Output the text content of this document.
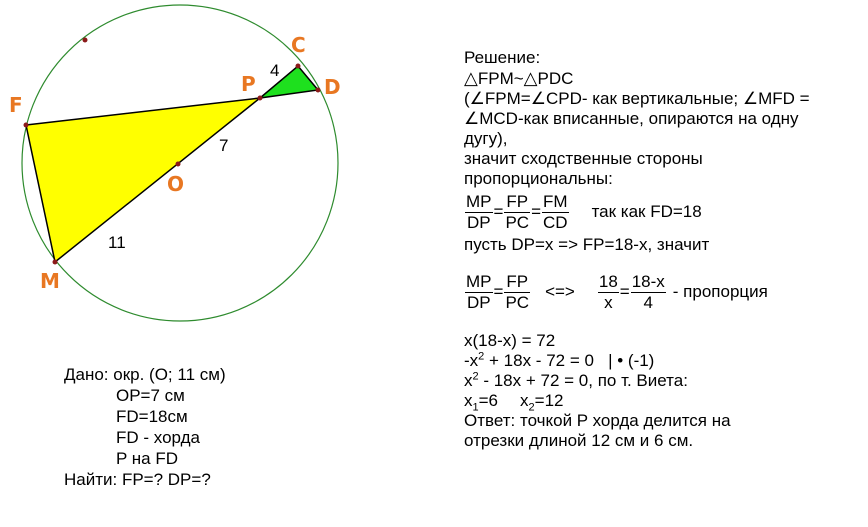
C
D
P
F
O
M
4
7
11
Дано: окр. (O; 11 см)
OP=7 см
FD=18см
FD - хорда
P на FD
Найти: FP=? DP=?
Решение:
△FPM~△PDC
(∠FPM=∠CPD- как вертикальные; ∠MFD =
∠MCD-как вписанные, опираются на одну
дугу),
значит сходственные стороны
пропорциональны:
$\frac{MP}{DP} = \frac{FP}{PC} = \frac{FM}{CD}$ так как FD=18
пусть DP=x => FP=18-x, значит
$\frac{MP}{DP} = \frac{FP}{PC}$ <=> $\frac{18}{x} = \frac{18-x}{4}$ - пропорция
x(18-x) = 72
$-x^2 + 18x - 72 = 0$   | • (-1)
$x^2 - 18x + 72 = 0$, по т. Виета:
$x_1=6$ $x_2=12$
Ответ: точкой P хорда делится на
отрезки длиной 12 см и 6 см.
